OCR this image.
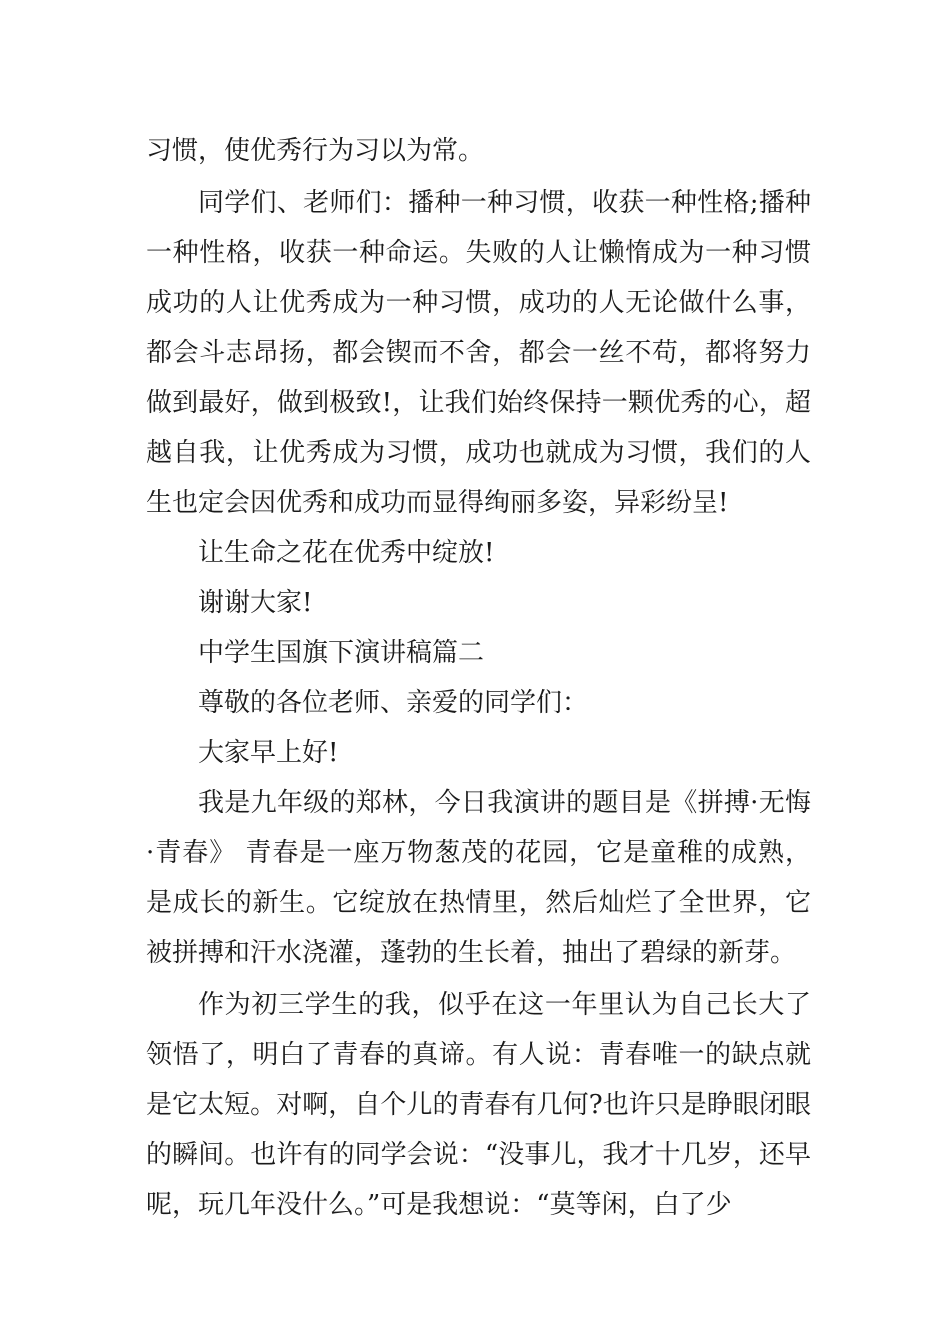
习惯，使优秀行为习以为常。

同学们、老师们：播种一种习惯，收获一种性格;播种一种性格，收获一种命运。失败的人让懒惰成为一种习惯成功的人让优秀成为一种习惯，成功的人无论做什么事，都会斗志昂扬，都会锲而不舍，都会一丝不苟，都将努力做到最好，做到极致!，让我们始终保持一颗优秀的心，超越自我，让优秀成为习惯，成功也就成为习惯，我们的人生也定会因优秀和成功而显得绚丽多姿，异彩纷呈!

让生命之花在优秀中绽放!

谢谢大家!

中学生国旗下演讲稿篇二

尊敬的各位老师、亲爱的同学们：

大家早上好!

我是九年级的郑林，今日我演讲的题目是《拼搏·无悔·青春》 青春是一座万物葱茂的花园，它是童稚的成熟，是成长的新生。它绽放在热情里，然后灿烂了全世界，它被拼搏和汗水浇灌，蓬勃的生长着，抽出了碧绿的新芽。

作为初三学生的我，似乎在这一年里认为自己长大了领悟了，明白了青春的真谛。有人说：青春唯一的缺点就是它太短。对啊，自个儿的青春有几何?也许只是睁眼闭眼的瞬间。也许有的同学会说：“没事儿，我才十几岁，还早呢，玩几年没什么。”可是我想说：“莫等闲，白了少
